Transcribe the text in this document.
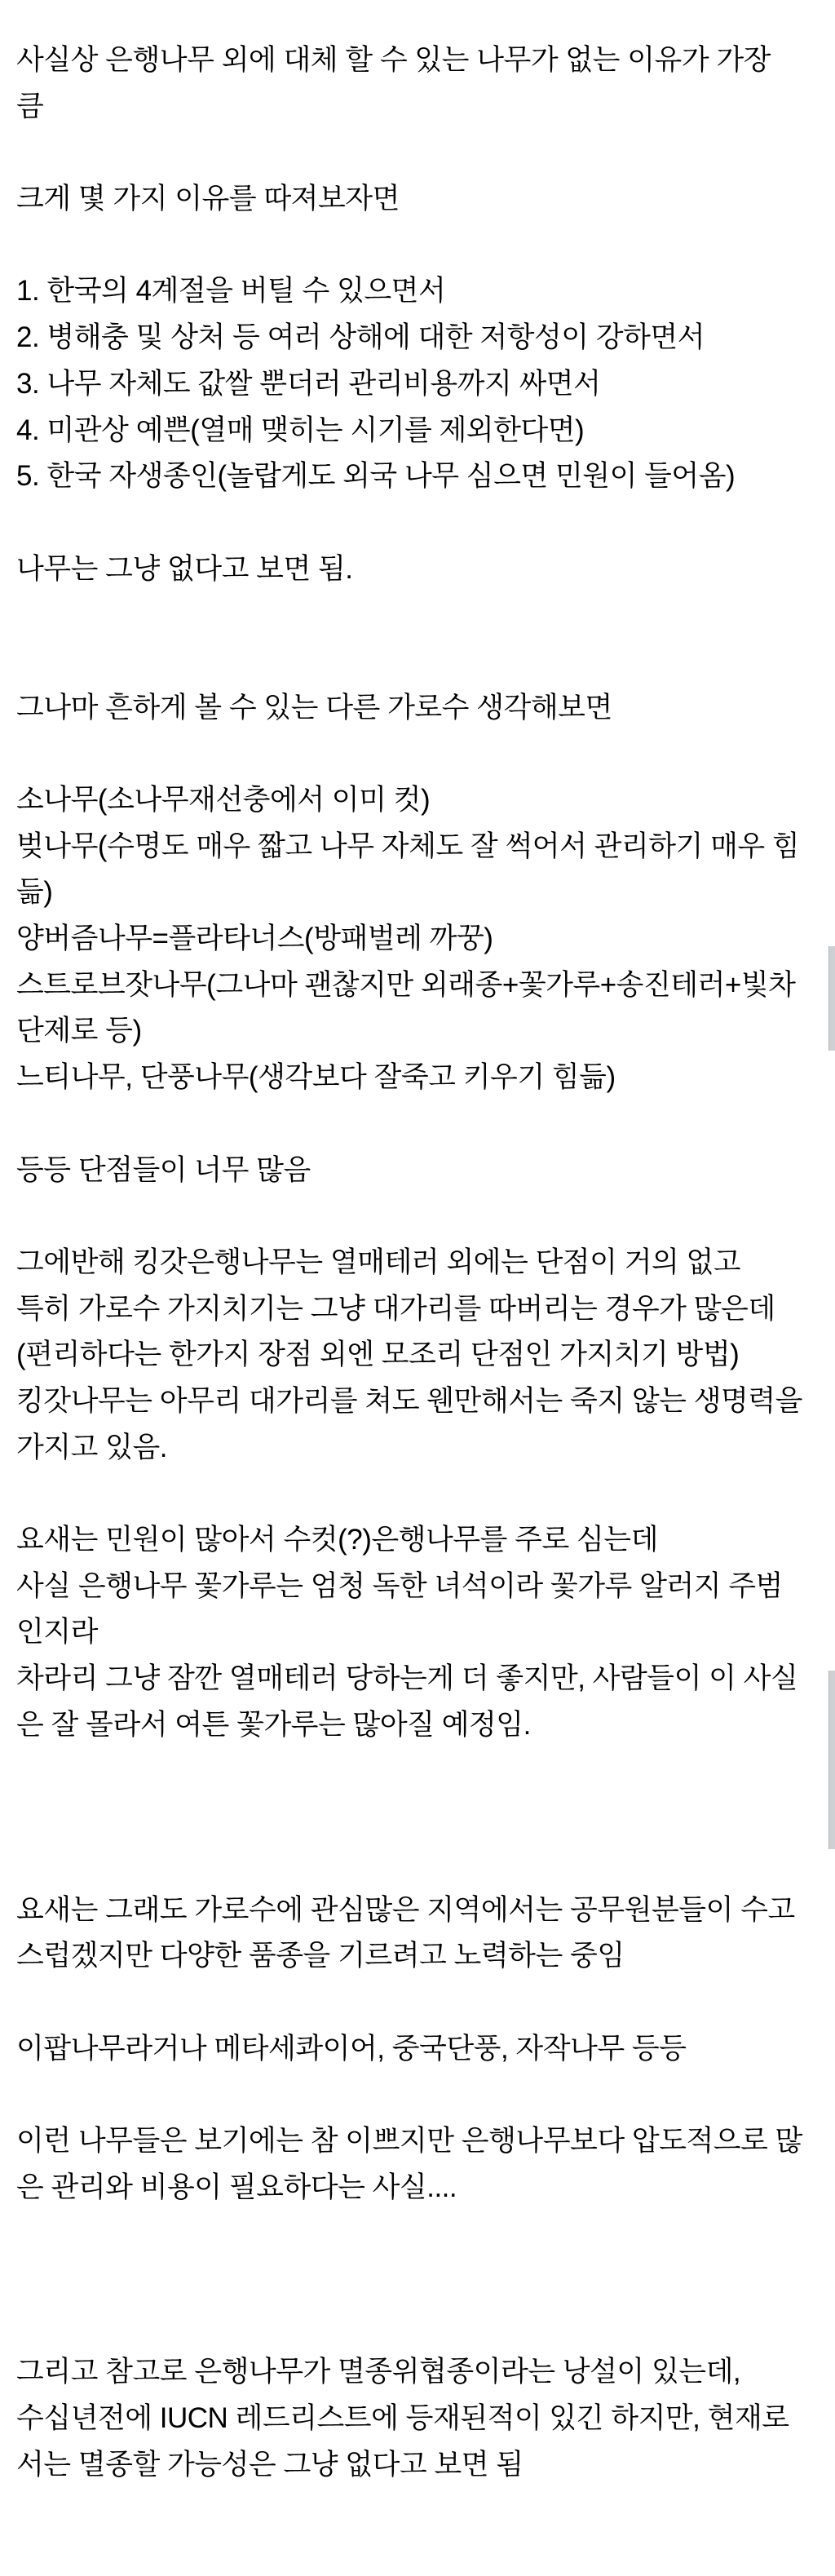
사실상 은행나무 외에 대체 할 수 있는 나무가 없는 이유가 가장
큼
크게 몇 가지 이유를 따져보자면
1. 한국의 4계절을 버틸 수 있으면서
2. 병해충 및 상처 등 여러 상해에 대한 저항성이 강하면서
3. 나무 자체도 값쌀 뿐더러 관리비용까지 싸면서
4. 미관상 예쁜(열매 맺히는 시기를 제외한다면)
5. 한국 자생종인(놀랍게도 외국 나무 심으면 민원이 들어옴)
나무는 그냥 없다고 보면 됨.
그나마 흔하게 볼 수 있는 다른 가로수 생각해보면
소나무(소나무재선충에서 이미 컷)
벚나무(수명도 매우 짧고 나무 자체도 잘 썩어서 관리하기 매우 힘
듦)
양버즘나무=플라타너스(방패벌레 까꿍)
스트로브잣나무(그나마 괜찮지만 외래종+꽃가루+송진테러+빛차
단제로 등)
느티나무, 단풍나무(생각보다 잘죽고 키우기 힘듦)
등등 단점들이 너무 많음
그에반해 킹갓은행나무는 열매테러 외에는 단점이 거의 없고
특히 가로수 가지치기는 그냥 대가리를 따버리는 경우가 많은데
(편리하다는 한가지 장점 외엔 모조리 단점인 가지치기 방법)
킹갓나무는 아무리 대가리를 쳐도 웬만해서는 죽지 않는 생명력을
가지고 있음.
요새는 민원이 많아서 수컷(?)은행나무를 주로 심는데
사실 은행나무 꽃가루는 엄청 독한 녀석이라 꽃가루 알러지 주범
인지라
차라리 그냥 잠깐 열매테러 당하는게 더 좋지만, 사람들이 이 사실
은 잘 몰라서 여튼 꽃가루는 많아질 예정임.
요새는 그래도 가로수에 관심많은 지역에서는 공무원분들이 수고
스럽겠지만 다양한 품종을 기르려고 노력하는 중임
이팝나무라거나 메타세콰이어, 중국단풍, 자작나무 등등
이런 나무들은 보기에는 참 이쁘지만 은행나무보다 압도적으로 많
은 관리와 비용이 필요하다는 사실....
그리고 참고로 은행나무가 멸종위협종이라는 낭설이 있는데,
수십년전에 IUCN 레드리스트에 등재된적이 있긴 하지만, 현재로
서는 멸종할 가능성은 그냥 없다고 보면 됨
